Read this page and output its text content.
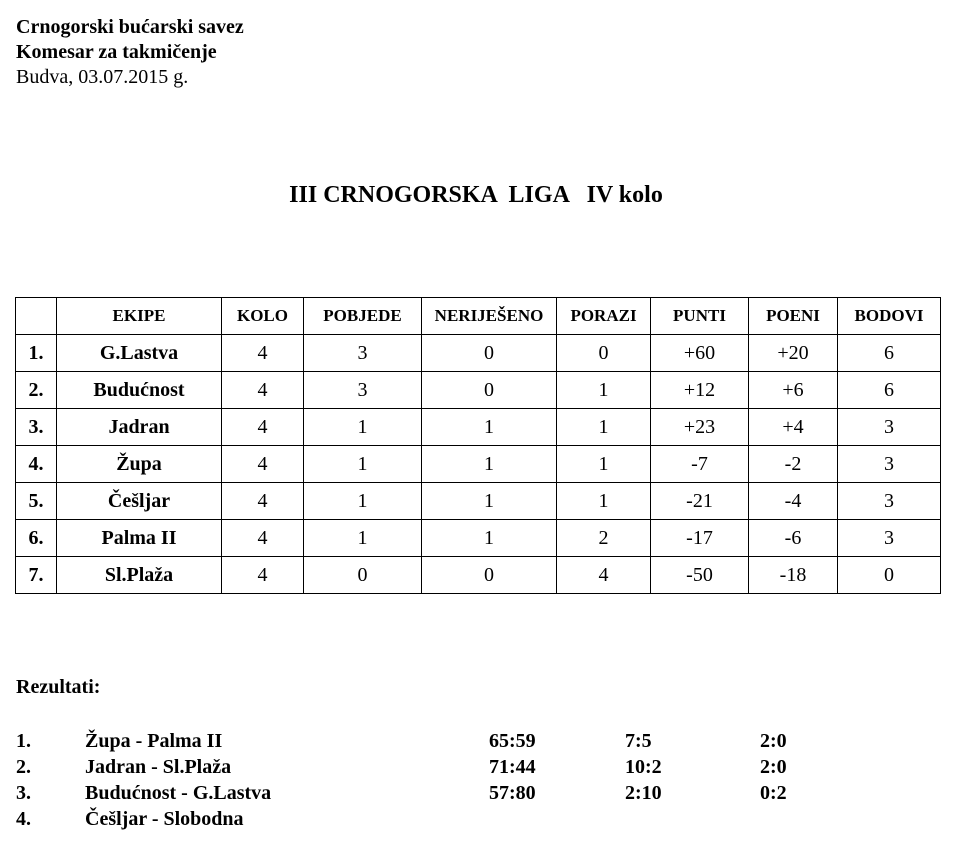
Crnogorski bućarski savez
Komesar za takmičenje
Budva, 03.07.2015 g.
III CRNOGORSKA  LIGA   IV kolo
	EKIPE	KOLO	POBJEDE	NERIJEŠENO	PORAZI	PUNTI	POENI	BODOVI
1.	G.Lastva	4	3	0	0	+60	+20	6
2.	Budućnost	4	3	0	1	+12	+6	6
3.	Jadran	4	1	1	1	+23	+4	3
4.	Župa	4	1	1	1	-7	-2	3
5.	Češljar	4	1	1	1	-21	-4	3
6.	Palma II	4	1	1	2	-17	-6	3
7.	Sl.Plaža	4	0	0	4	-50	-18	0
Rezultati:
1.	Župa - Palma II	65:59	7:5	2:0
2.	Jadran - Sl.Plaža	71:44	10:2	2:0
3.	Budućnost - G.Lastva	57:80	2:10	0:2
4.	Češljar - Slobodna
